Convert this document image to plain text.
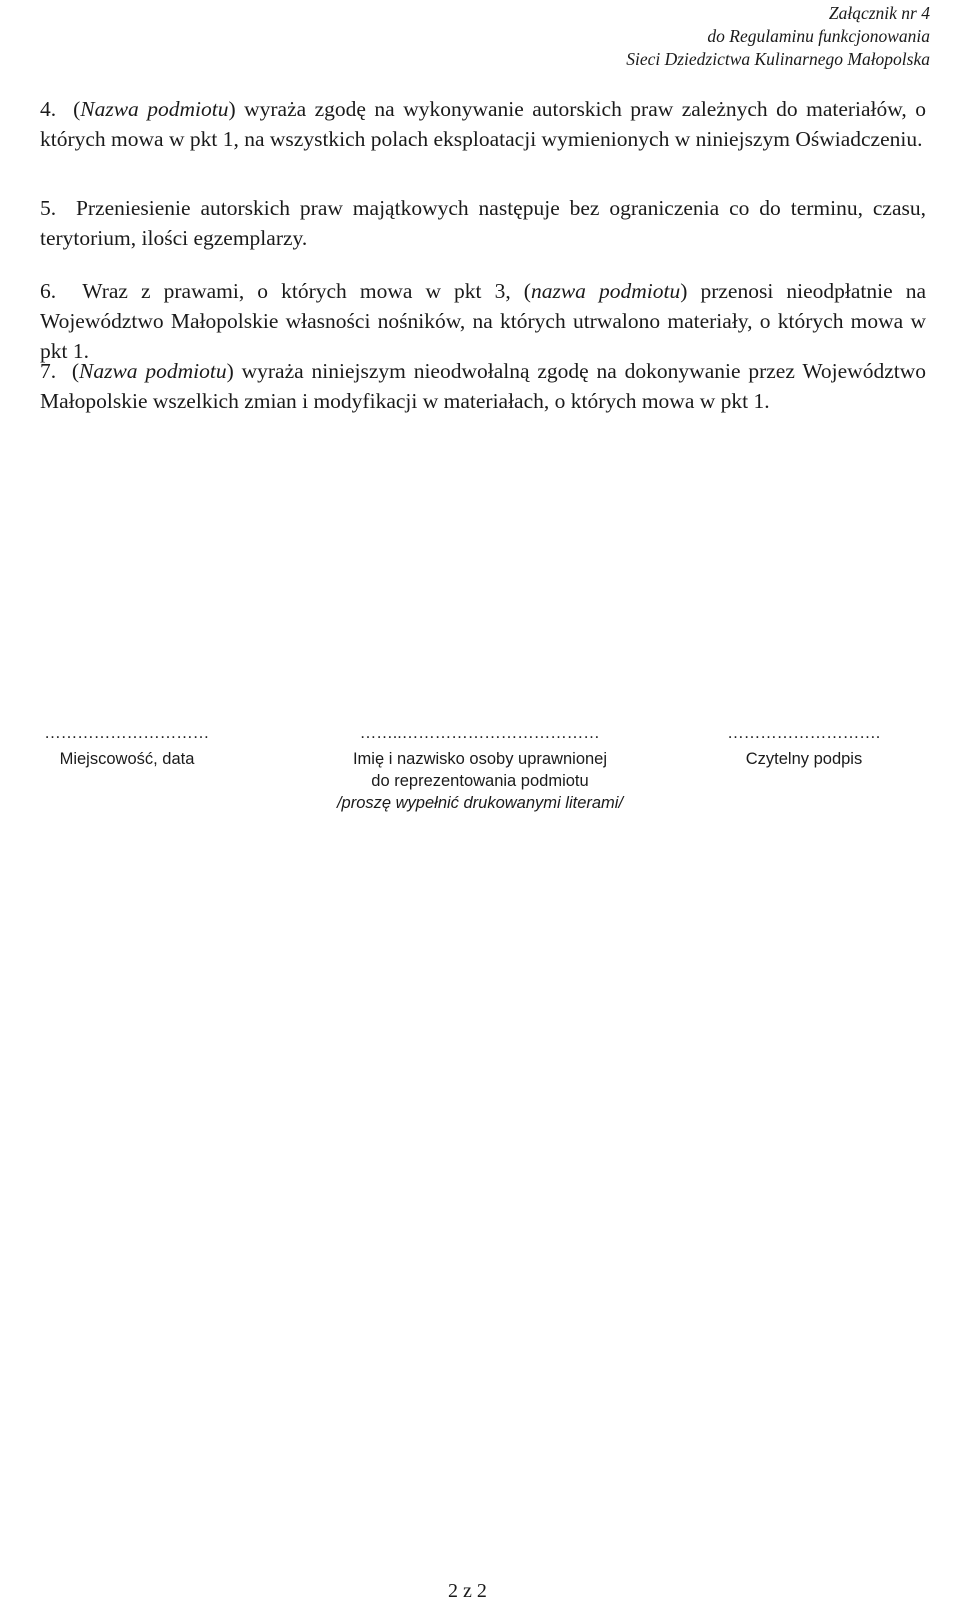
Załącznik nr 4
do Regulaminu funkcjonowania
Sieci Dziedzictwa Kulinarnego Małopolska

4. (Nazwa podmiotu) wyraża zgodę na wykonywanie autorskich praw zależnych do materiałów, o których mowa w pkt 1, na wszystkich polach eksploatacji wymienionych w niniejszym Oświadczeniu.

5. Przeniesienie autorskich praw majątkowych następuje bez ograniczenia co do terminu, czasu, terytorium, ilości egzemplarzy.

6. Wraz z prawami, o których mowa w pkt 3, (nazwa podmiotu) przenosi nieodpłatnie na Województwo Małopolskie własności nośników, na których utrwalono materiały, o których mowa w pkt 1.

7. (Nazwa podmiotu) wyraża niniejszym nieodwołalną zgodę na dokonywanie przez Województwo Małopolskie wszelkich zmian i modyfikacji w materiałach, o których mowa w pkt 1.

…………………………
Miejscowość, data
……..………………………………
Imię i nazwisko osoby uprawnionej
do reprezentowania podmiotu
/proszę wypełnić drukowanymi literami/
……………………….
Czytelny podpis
2 z 2
